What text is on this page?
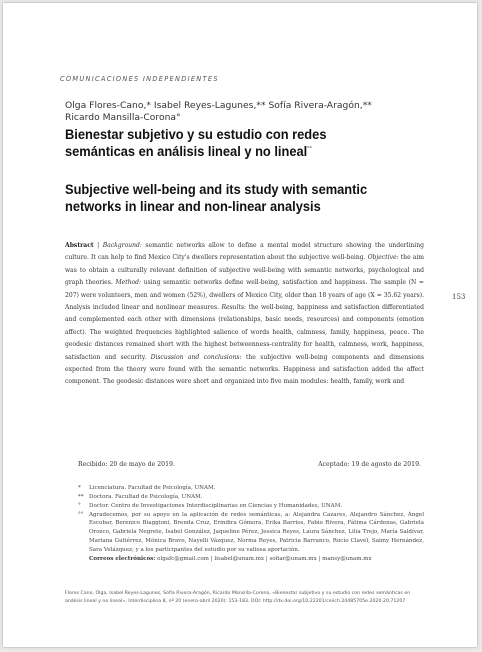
COMUNICACIONES INDEPENDIENTES
Olga Flores-Cano,* Isabel Reyes-Lagunes,** Sofía Rivera-Aragón,**
Ricardo Mansilla-Corona°
Bienestar subjetivo y su estudio con redes
semánticas en análisis lineal y no lineal°°
Subjective well-being and its study with semantic
networks in linear and non-linear analysis
Abstract | Background: semantic networks allow to define a mental model structure showing the underlining culture. It can help to find Mexico City's dwellers representation about the subjective well-being. Objective: the aim was to obtain a culturally relevant definition of subjective well-being with semantic networks, psychological and graph theories. Method: using semantic networks define well-being, satisfaction and happiness. The sample (N = 207) were volunteers, men and women (52%), dwellers of Mexico City, older than 18 years of age (X = 35.62 years). Analysis included linear and nonlinear measures. Results: the well-being, happiness and satisfaction differentiated and complemented each other with dimensions (relationships, basic needs, resources) and components (emotion affect). The weighted frequencies highlighted salience of words health, calmness, family, happiness, peace. The geodesic distances remained short with the highest betweenness-centrality for health, calmness, work, happiness, satisfaction and security. Discussion and conclusions: the subjective well-being components and dimensions expected from the theory were found with the semantic networks. Happiness and satisfaction added the affect component. The geodesic distances were short and organized into five main modules: health, family, work and
153
Recibido: 20 de mayo de 2019.	Aceptado: 19 de agosto de 2019.
* Licenciatura. Facultad de Psicología, UNAM.
** Doctora. Facultad de Psicología, UNAM.
° Doctor. Centro de Investigaciones Interdisciplinarias en Ciencias y Humanidades, UNAM.
°° Agradecemos, por su apoyo en la aplicación de redes semánticas, a: Alejandra Cazares, Alejandro Sánchez, Ángel Escobar, Berenice Biaggioni, Brenda Cruz, Erindira Gómora, Erika Barrios, Fabio Rivera, Fátima Cárdenas, Gabriela Orozco, Gabriela Negrete, Isabel González, Jaqueline Pérez, Jessica Reyes, Laura Sánchez, Lilia Trejo, María Saldívar, Mariana Gutiérrez, Mónica Bravo, Nayelli Vázquez, Norma Reyes, Patricia Barranco, Rocío Clavel, Saimy Hernández, Sara Velázquez; y a los participantes del estudio por su valiosa aportación.
Correos electrónicos: olgafc@gmail.com | lisabel@unam.mx | sofiar@unam.mx | mansy@unam.mx
Flores Cano, Olga, Isabel Reyes-Lagunes, Sofía Rivera-Aragón, Ricardo Mansilla-Corona, «Bienestar subjetivo y su estudio con redes semánticas en análisis lineal y no lineal», Interdisciplina 8, nº 20 (enero-abril 2020): 153-183. DOI: http://dx.doi.org/10.22201/ceiich.24485705e.2020.20.71207
